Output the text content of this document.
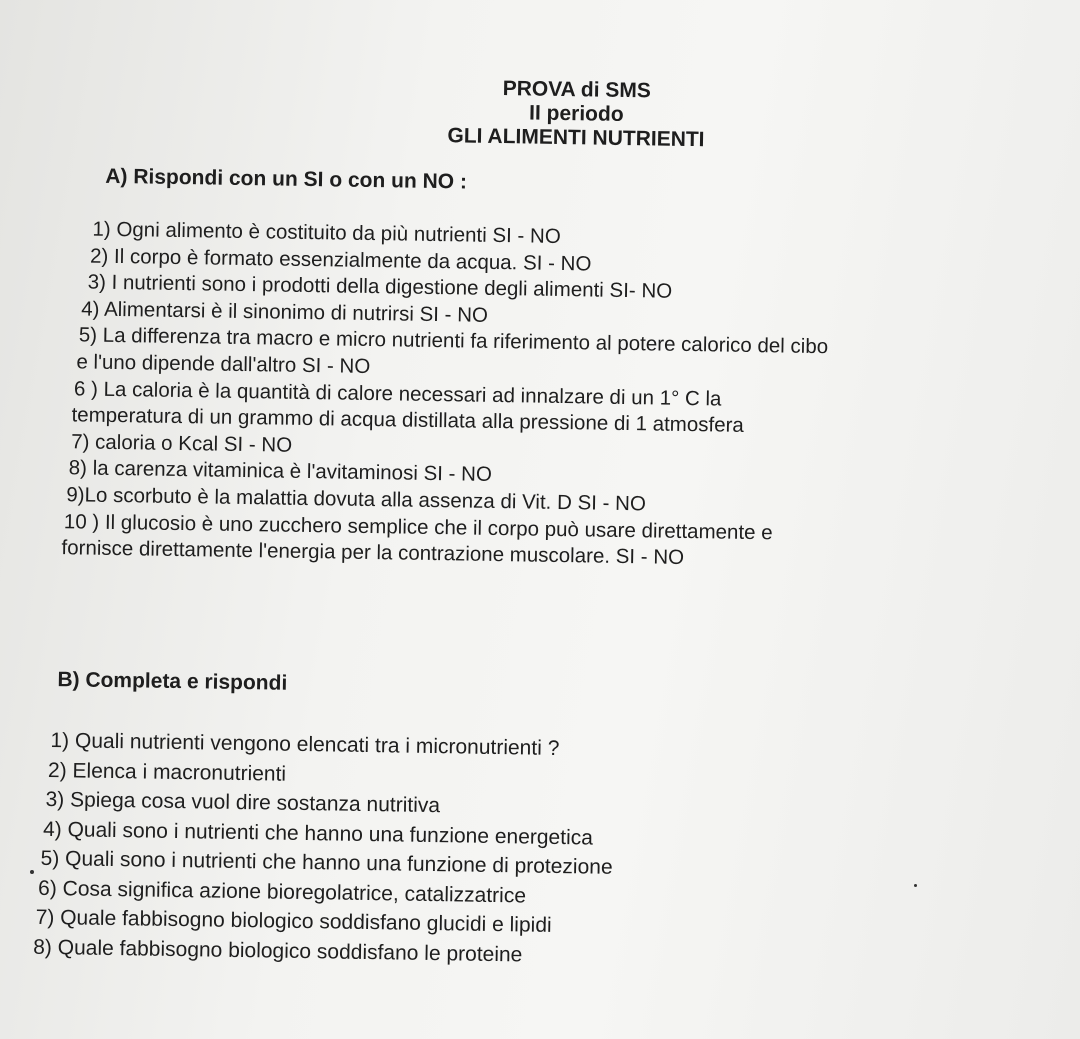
PROVA di SMS
II periodo
GLI ALIMENTI NUTRIENTI
A) Rispondi con un SI o con un NO :
1) Ogni alimento è costituito da più nutrienti SI - NO
2) Il corpo è formato essenzialmente da acqua. SI - NO
3) I nutrienti sono i prodotti della digestione degli alimenti SI- NO
4) Alimentarsi è il sinonimo di nutrirsi SI - NO
5) La differenza tra macro e micro nutrienti fa riferimento al potere calorico del cibo
e l'uno dipende dall'altro SI - NO
6 ) La caloria è la quantità di calore necessari ad innalzare di un 1° C la
temperatura di un grammo di acqua distillata alla pressione di 1 atmosfera
7) caloria o Kcal SI - NO
8) la carenza vitaminica è l'avitaminosi SI - NO
9)Lo scorbuto è la malattia dovuta alla assenza di Vit. D SI - NO
10 ) Il glucosio è uno zucchero semplice che il corpo può usare direttamente e
fornisce direttamente l'energia per la contrazione muscolare. SI - NO
B) Completa e rispondi
1) Quali nutrienti vengono elencati tra i micronutrienti ?
2) Elenca i macronutrienti
3) Spiega cosa vuol dire sostanza nutritiva
4) Quali sono i nutrienti che hanno una funzione energetica
5) Quali sono i nutrienti che hanno una funzione di protezione
6) Cosa significa azione bioregolatrice, catalizzatrice
7) Quale fabbisogno biologico soddisfano glucidi e lipidi
8) Quale fabbisogno biologico soddisfano le proteine
